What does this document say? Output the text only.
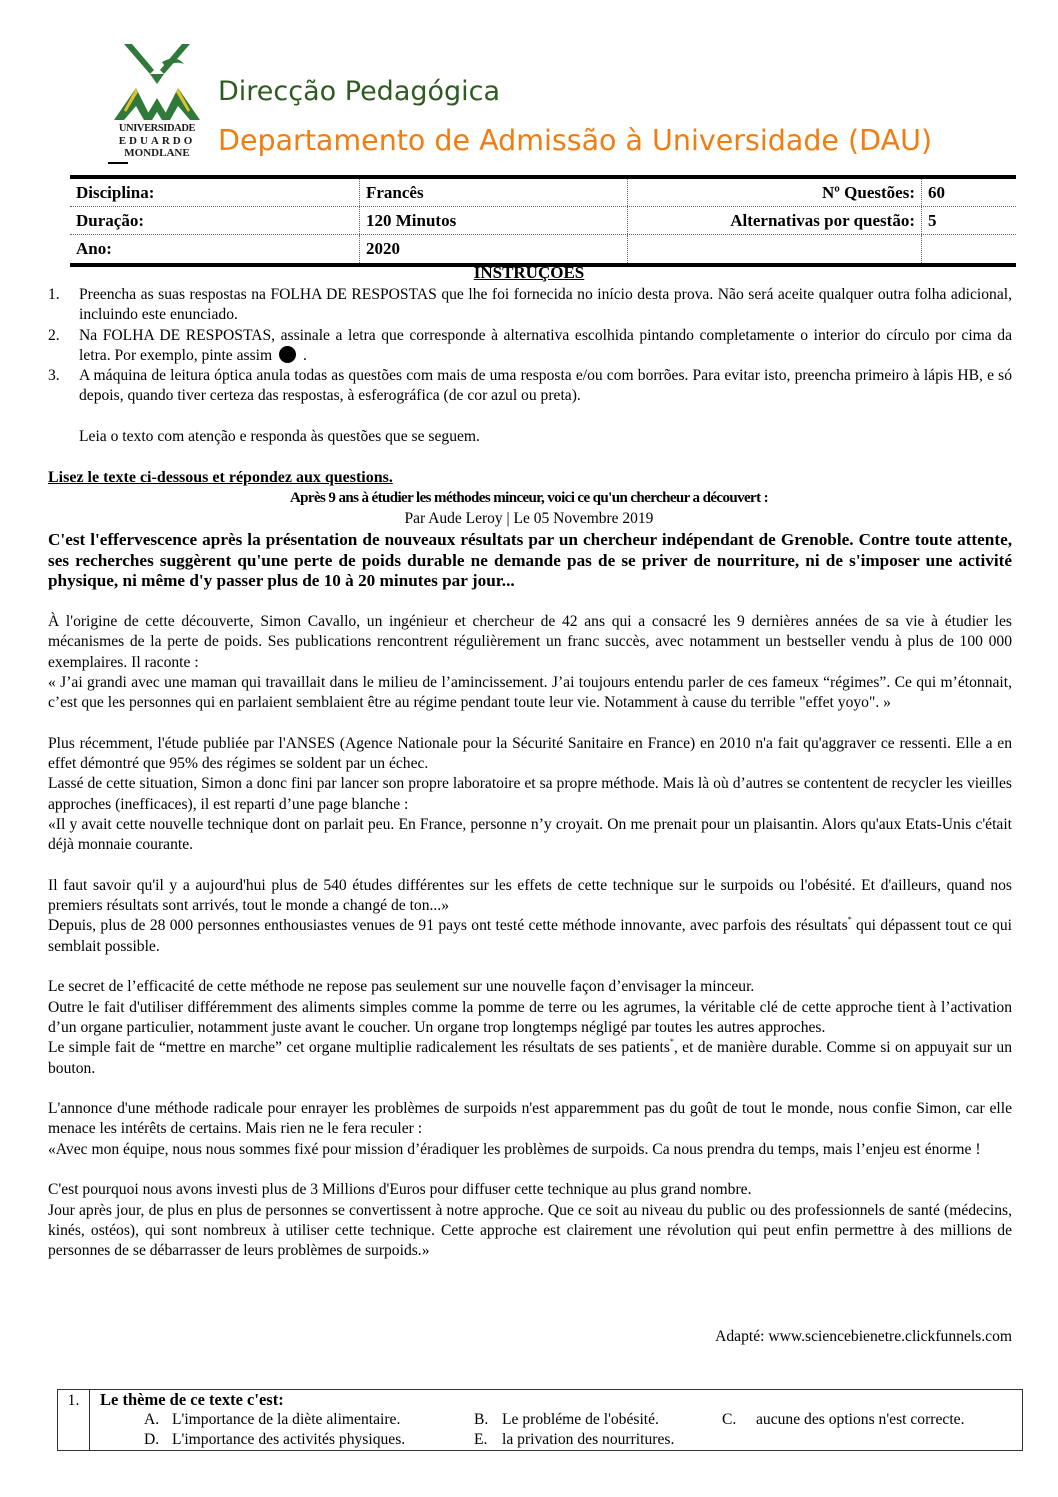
UNIVERSIDADE
EDUARDO
MONDLANE
Direcção Pedagógica
Departamento de Admissão à Universidade (DAU)
Disciplina:	Francês	Nº Questões: 60
Duração:	120 Minutos	Alternativas por questão: 5
Ano:	2020
INSTRUÇÕES
1.	Preencha as suas respostas na FOLHA DE RESPOSTAS que lhe foi fornecida no início desta prova. Não será aceite qualquer outra folha adicional, incluindo este enunciado.
2.	Na FOLHA DE RESPOSTAS, assinale a letra que corresponde à alternativa escolhida pintando completamente o interior do círculo por cima da letra. Por exemplo, pinte assim .
3.	A máquina de leitura óptica anula todas as questões com mais de uma resposta e/ou com borrões. Para evitar isto, preencha primeiro à lápis HB, e só depois, quando tiver certeza das respostas, à esferográfica (de cor azul ou preta).
Leia o texto com atenção e responda às questões que se seguem.
Lisez le texte ci-dessous et répondez aux questions.
Après 9 ans à étudier les méthodes minceur, voici ce qu'un chercheur a découvert :
Par Aude Leroy | Le 05 Novembre 2019
C'est l'effervescence après la présentation de nouveaux résultats par un chercheur indépendant de Grenoble. Contre toute attente, ses recherches suggèrent qu'une perte de poids durable ne demande pas de se priver de nourriture, ni de s'imposer une activité physique, ni même d'y passer plus de 10 à 20 minutes par jour...

À l'origine de cette découverte, Simon Cavallo, un ingénieur et chercheur de 42 ans qui a consacré les 9 dernières années de sa vie à étudier les mécanismes de la perte de poids. Ses publications rencontrent régulièrement un franc succès, avec notamment un bestseller vendu à plus de 100 000 exemplaires. Il raconte :

« J’ai grandi avec une maman qui travaillait dans le milieu de l’amincissement. J’ai toujours entendu parler de ces fameux “régimes”. Ce qui m’étonnait, c’est que les personnes qui en parlaient semblaient être au régime pendant toute leur vie. Notamment à cause du terrible "effet yoyo". »

Plus récemment, l'étude publiée par l'ANSES (Agence Nationale pour la Sécurité Sanitaire en France) en 2010 n'a fait qu'aggraver ce ressenti. Elle a en effet démontré que 95% des régimes se soldent par un échec.

Lassé de cette situation, Simon a donc fini par lancer son propre laboratoire et sa propre méthode. Mais là où d’autres se contentent de recycler les vieilles approches (inefficaces), il est reparti d’une page blanche :

«Il y avait cette nouvelle technique dont on parlait peu. En France, personne n’y croyait. On me prenait pour un plaisantin. Alors qu'aux Etats-Unis c'était déjà monnaie courante.

Il faut savoir qu'il y a aujourd'hui plus de 540 études différentes sur les effets de cette technique sur le surpoids ou l'obésité. Et d'ailleurs, quand nos premiers résultats sont arrivés, tout le monde a changé de ton...»

Depuis, plus de 28 000 personnes enthousiastes venues de 91 pays ont testé cette méthode innovante, avec parfois des résultats* qui dépassent tout ce qui semblait possible.

Le secret de l’efficacité de cette méthode ne repose pas seulement sur une nouvelle façon d’envisager la minceur.

Outre le fait d'utiliser différemment des aliments simples comme la pomme de terre ou les agrumes, la véritable clé de cette approche tient à l’activation d’un organe particulier, notamment juste avant le coucher. Un organe trop longtemps négligé par toutes les autres approches.

Le simple fait de “mettre en marche” cet organe multiplie radicalement les résultats de ses patients*, et de manière durable. Comme si on appuyait sur un bouton.

L'annonce d'une méthode radicale pour enrayer les problèmes de surpoids n'est apparemment pas du goût de tout le monde, nous confie Simon, car elle menace les intérêts de certains. Mais rien ne le fera reculer :

«Avec mon équipe, nous nous sommes fixé pour mission d’éradiquer les problèmes de surpoids. Ca nous prendra du temps, mais l’enjeu est énorme !

C'est pourquoi nous avons investi plus de 3 Millions d'Euros pour diffuser cette technique au plus grand nombre.

Jour après jour, de plus en plus de personnes se convertissent à notre approche. Que ce soit au niveau du public ou des professionnels de santé (médecins, kinés, ostéos), qui sont nombreux à utiliser cette technique. Cette approche est clairement une révolution qui peut enfin permettre à des millions de personnes de se débarrasser de leurs problèmes de surpoids.»

Adapté: www.sciencebienetre.clickfunnels.com
1.	Le thème de ce texte c'est:
A. L'importance de la diète alimentaire.	B. Le probléme de l'obésité.	C.	aucune des options n'est correcte.
D. L'importance des activités physiques.	E. la privation des nourritures.
